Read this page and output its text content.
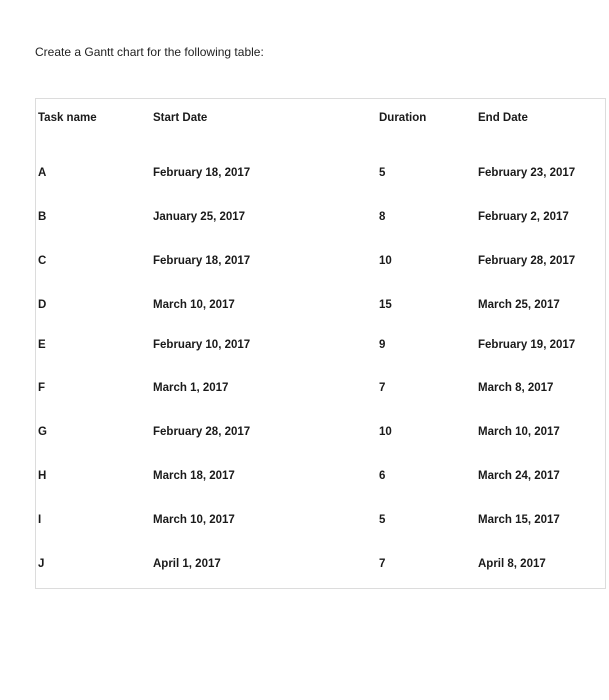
Create a Gantt chart for the following table:
Task name	Start Date	Duration	End Date
A	February 18, 2017	5	February 23, 2017
B	January 25, 2017	8	February 2, 2017
C	February 18, 2017	10	February 28, 2017
D	March 10, 2017	15	March 25, 2017
E	February 10, 2017	9	February 19, 2017
F	March 1, 2017	7	March 8, 2017
G	February 28, 2017	10	March 10, 2017
H	March 18, 2017	6	March 24, 2017
I	March 10, 2017	5	March 15, 2017
J	April 1, 2017	7	April 8, 2017
